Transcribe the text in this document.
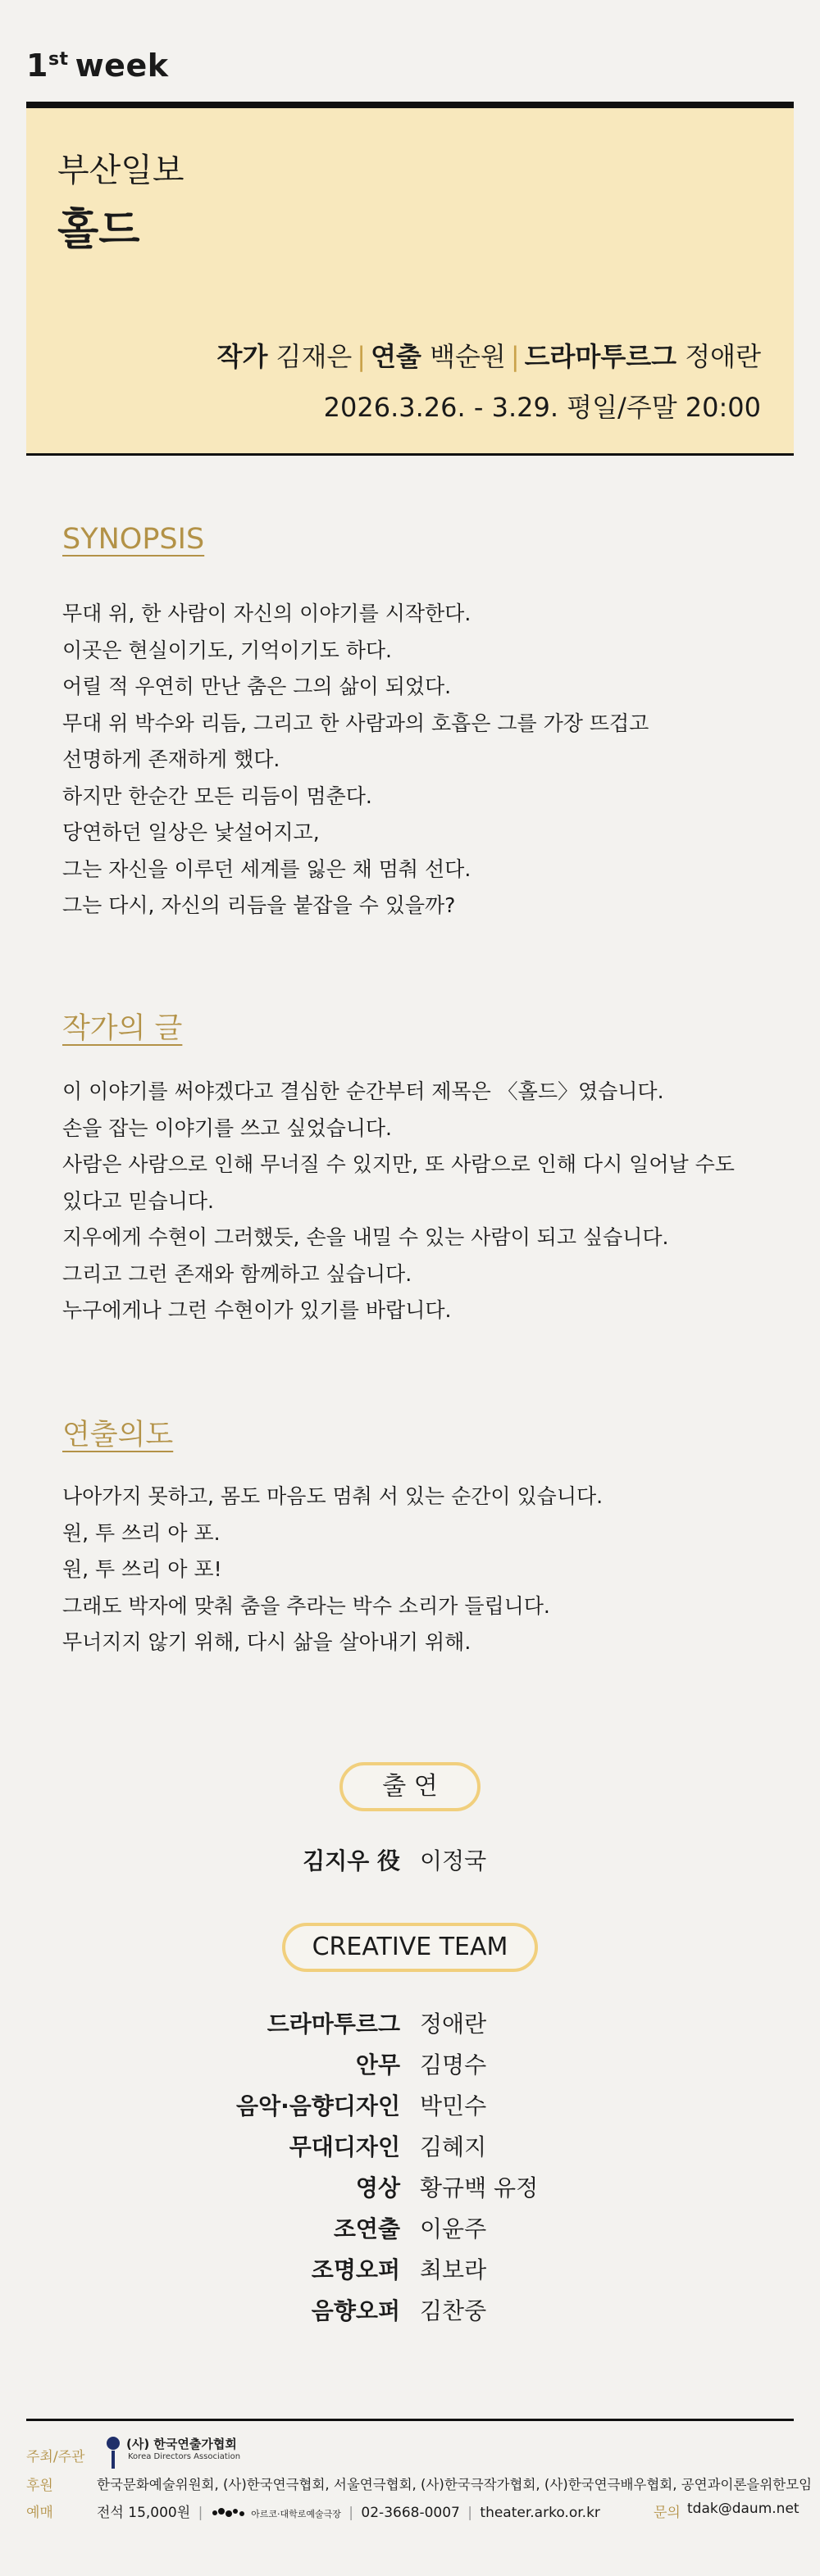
1st week
부산일보
홀드
작가 김재은 | 연출 백순원 | 드라마투르그 정애란
2026.3.26. - 3.29. 평일/주말 20:00
SYNOPSIS
무대 위, 한 사람이 자신의 이야기를 시작한다.
이곳은 현실이기도, 기억이기도 하다.
어릴 적 우연히 만난 춤은 그의 삶이 되었다.
무대 위 박수와 리듬, 그리고 한 사람과의 호흡은 그를 가장 뜨겁고
선명하게 존재하게 했다.
하지만 한순간 모든 리듬이 멈춘다.
당연하던 일상은 낯설어지고,
그는 자신을 이루던 세계를 잃은 채 멈춰 선다.
그는 다시, 자신의 리듬을 붙잡을 수 있을까?
작가의 글
이 이야기를 써야겠다고 결심한 순간부터 제목은 〈홀드〉였습니다.
손을 잡는 이야기를 쓰고 싶었습니다.
사람은 사람으로 인해 무너질 수 있지만, 또 사람으로 인해 다시 일어날 수도
있다고 믿습니다.
지우에게 수현이 그러했듯, 손을 내밀 수 있는 사람이 되고 싶습니다.
그리고 그런 존재와 함께하고 싶습니다.
누구에게나 그런 수현이가 있기를 바랍니다.
연출의도
나아가지 못하고, 몸도 마음도 멈춰 서 있는 순간이 있습니다.
원, 투 쓰리 아 포.
원, 투 쓰리 아 포!
그래도 박자에 맞춰 춤을 추라는 박수 소리가 들립니다.
무너지지 않기 위해, 다시 삶을 살아내기 위해.
출 연
김지우 役 이정국
CREATIVE TEAM
드라마투르그 정애란
안무 김명수
음악·음향디자인 박민수
무대디자인 김혜지
영상 황규백 유정
조연출 이윤주
조명오퍼 최보라
음향오퍼 김찬중
주최/주관
(사) 한국연출가협회
Korea Directors Association
후원	한국문화예술위원회, (사)한국연극협회, 서울연극협회, (사)한국극작가협회, (사)한국연극배우협회, 공연과이론을위한모임
예매	전석 15,000원 |	아르코·대학로예술극장 | 02-3668-0007 | theater.arko.or.kr	문의 tdak@daum.net
